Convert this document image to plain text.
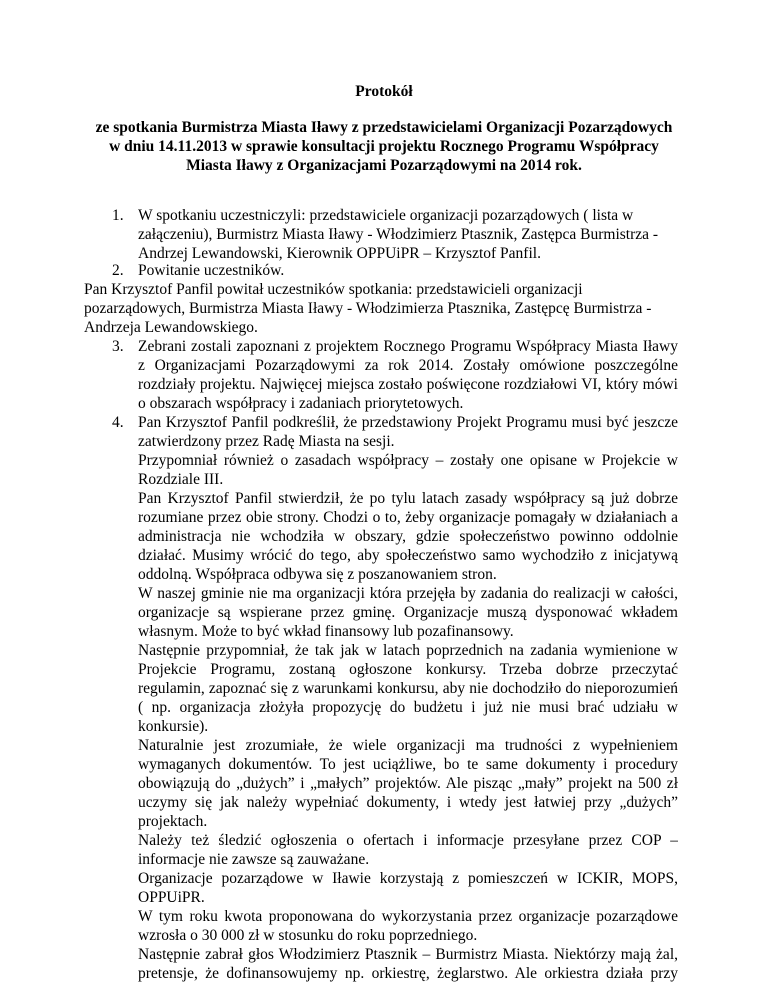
Protokół
ze spotkania Burmistrza Miasta Iławy z przedstawicielami Organizacji Pozarządowych
w dniu 14.11.2013 w sprawie konsultacji projektu Rocznego Programu Współpracy
Miasta Iławy z Organizacjami Pozarządowymi na 2014 rok.
1. W spotkaniu uczestniczyli: przedstawiciele organizacji pozarządowych ( lista w
załączeniu), Burmistrz Miasta Iławy - Włodzimierz Ptasznik, Zastępca Burmistrza -
Andrzej Lewandowski, Kierownik OPPUiPR – Krzysztof Panfil.
2. Powitanie uczestników.
Pan Krzysztof Panfil powitał uczestników spotkania: przedstawicieli organizacji
pozarządowych, Burmistrza Miasta Iławy - Włodzimierza Ptasznika, Zastępcę Burmistrza -
Andrzeja Lewandowskiego.
3. Zebrani zostali zapoznani z projektem Rocznego Programu Współpracy Miasta Iławy
z Organizacjami Pozarządowymi za rok 2014. Zostały omówione poszczególne
rozdziały projektu. Najwięcej miejsca zostało poświęcone rozdziałowi VI, który mówi
o obszarach współpracy i zadaniach priorytetowych.
4. Pan Krzysztof Panfil podkreślił, że przedstawiony Projekt Programu musi być jeszcze
zatwierdzony przez Radę Miasta na sesji.
Przypomniał również o zasadach współpracy – zostały one opisane w Projekcie w
Rozdziale III.
Pan Krzysztof Panfil stwierdził, że po tylu latach zasady współpracy są już dobrze
rozumiane przez obie strony. Chodzi o to, żeby organizacje pomagały w działaniach a
administracja nie wchodziła w obszary, gdzie społeczeństwo powinno oddolnie
działać. Musimy wrócić do tego, aby społeczeństwo samo wychodziło z inicjatywą
oddolną. Współpraca odbywa się z poszanowaniem stron.
W naszej gminie nie ma organizacji która przejęła by zadania do realizacji w całości,
organizacje są wspierane przez gminę. Organizacje muszą dysponować wkładem
własnym. Może to być wkład finansowy lub pozafinansowy.
Następnie przypomniał, że tak jak w latach poprzednich na zadania wymienione w
Projekcie Programu, zostaną ogłoszone konkursy. Trzeba dobrze przeczytać
regulamin, zapoznać się z warunkami konkursu, aby nie dochodziło do nieporozumień
( np. organizacja złożyła propozycję do budżetu i już nie musi brać udziału w
konkursie).
Naturalnie jest zrozumiałe, że wiele organizacji ma trudności z wypełnieniem
wymaganych dokumentów. To jest uciążliwe, bo te same dokumenty i procedury
obowiązują do „dużych” i „małych” projektów. Ale pisząc „mały” projekt na 500 zł
uczymy się jak należy wypełniać dokumenty, i wtedy jest łatwiej przy „dużych”
projektach.
Należy też śledzić ogłoszenia o ofertach i informacje przesyłane przez COP –
informacje nie zawsze są zauważane.
Organizacje pozarządowe w Iławie korzystają z pomieszczeń w ICKIR, MOPS,
OPPUiPR.
W tym roku kwota proponowana do wykorzystania przez organizacje pozarządowe
wzrosła o 30 000 zł w stosunku do roku poprzedniego.
Następnie zabrał głos Włodzimierz Ptasznik – Burmistrz Miasta. Niektórzy mają żal,
pretensje, że dofinansowujemy np. orkiestrę, żeglarstwo. Ale orkiestra działa przy
